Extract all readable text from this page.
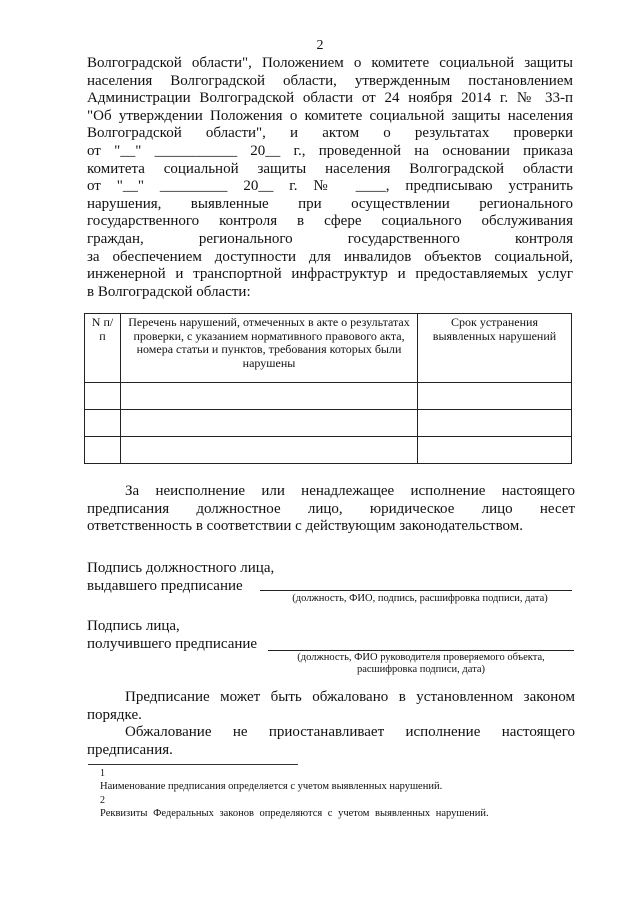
2
Волгоградской области", Положением о комитете социальной защиты
населения Волгоградской области, утвержденным постановлением
Администрации Волгоградской области от 24 ноября 2014 г. № 33-п
"Об утверждении Положения о комитете социальной защиты населения
Волгоградской области", и актом о результатах проверки
от "__" ___________ 20__ г., проведенной на основании приказа
комитета социальной защиты населения Волгоградской области
от "__" _________ 20__ г. № ____, предписываю устранить
нарушения, выявленные при осуществлении регионального
государственного контроля в сфере социального обслуживания
граждан, регионального государственного контроля
за обеспечением доступности для инвалидов объектов социальной,
инженерной и транспортной инфраструктур и предоставляемых услуг
в Волгоградской области:
N п/п	Перечень нарушений, отмеченных в акте о результатах проверки, с указанием нормативного правового акта, номера статьи и пунктов, требования которых были нарушены	Срок устранения выявленных нарушений

За неисполнение или ненадлежащее исполнение настоящего
предписания должностное лицо, юридическое лицо несет
ответственность в соответствии с действующим законодательством.
Подпись должностного лица,
выдавшего предписание
(должность, ФИО, подпись, расшифровка подписи, дата)
Подпись лица,
получившего предписание
(должность, ФИО руководителя проверяемого объекта,
расшифровка подписи, дата)
Предписание может быть обжаловано в установленном законом
порядке.
Обжалование не приостанавливает исполнение настоящего
предписания.
1
Наименование предписания определяется с учетом выявленных нарушений.
2
Реквизиты Федеральных законов определяются с учетом выявленных нарушений.
